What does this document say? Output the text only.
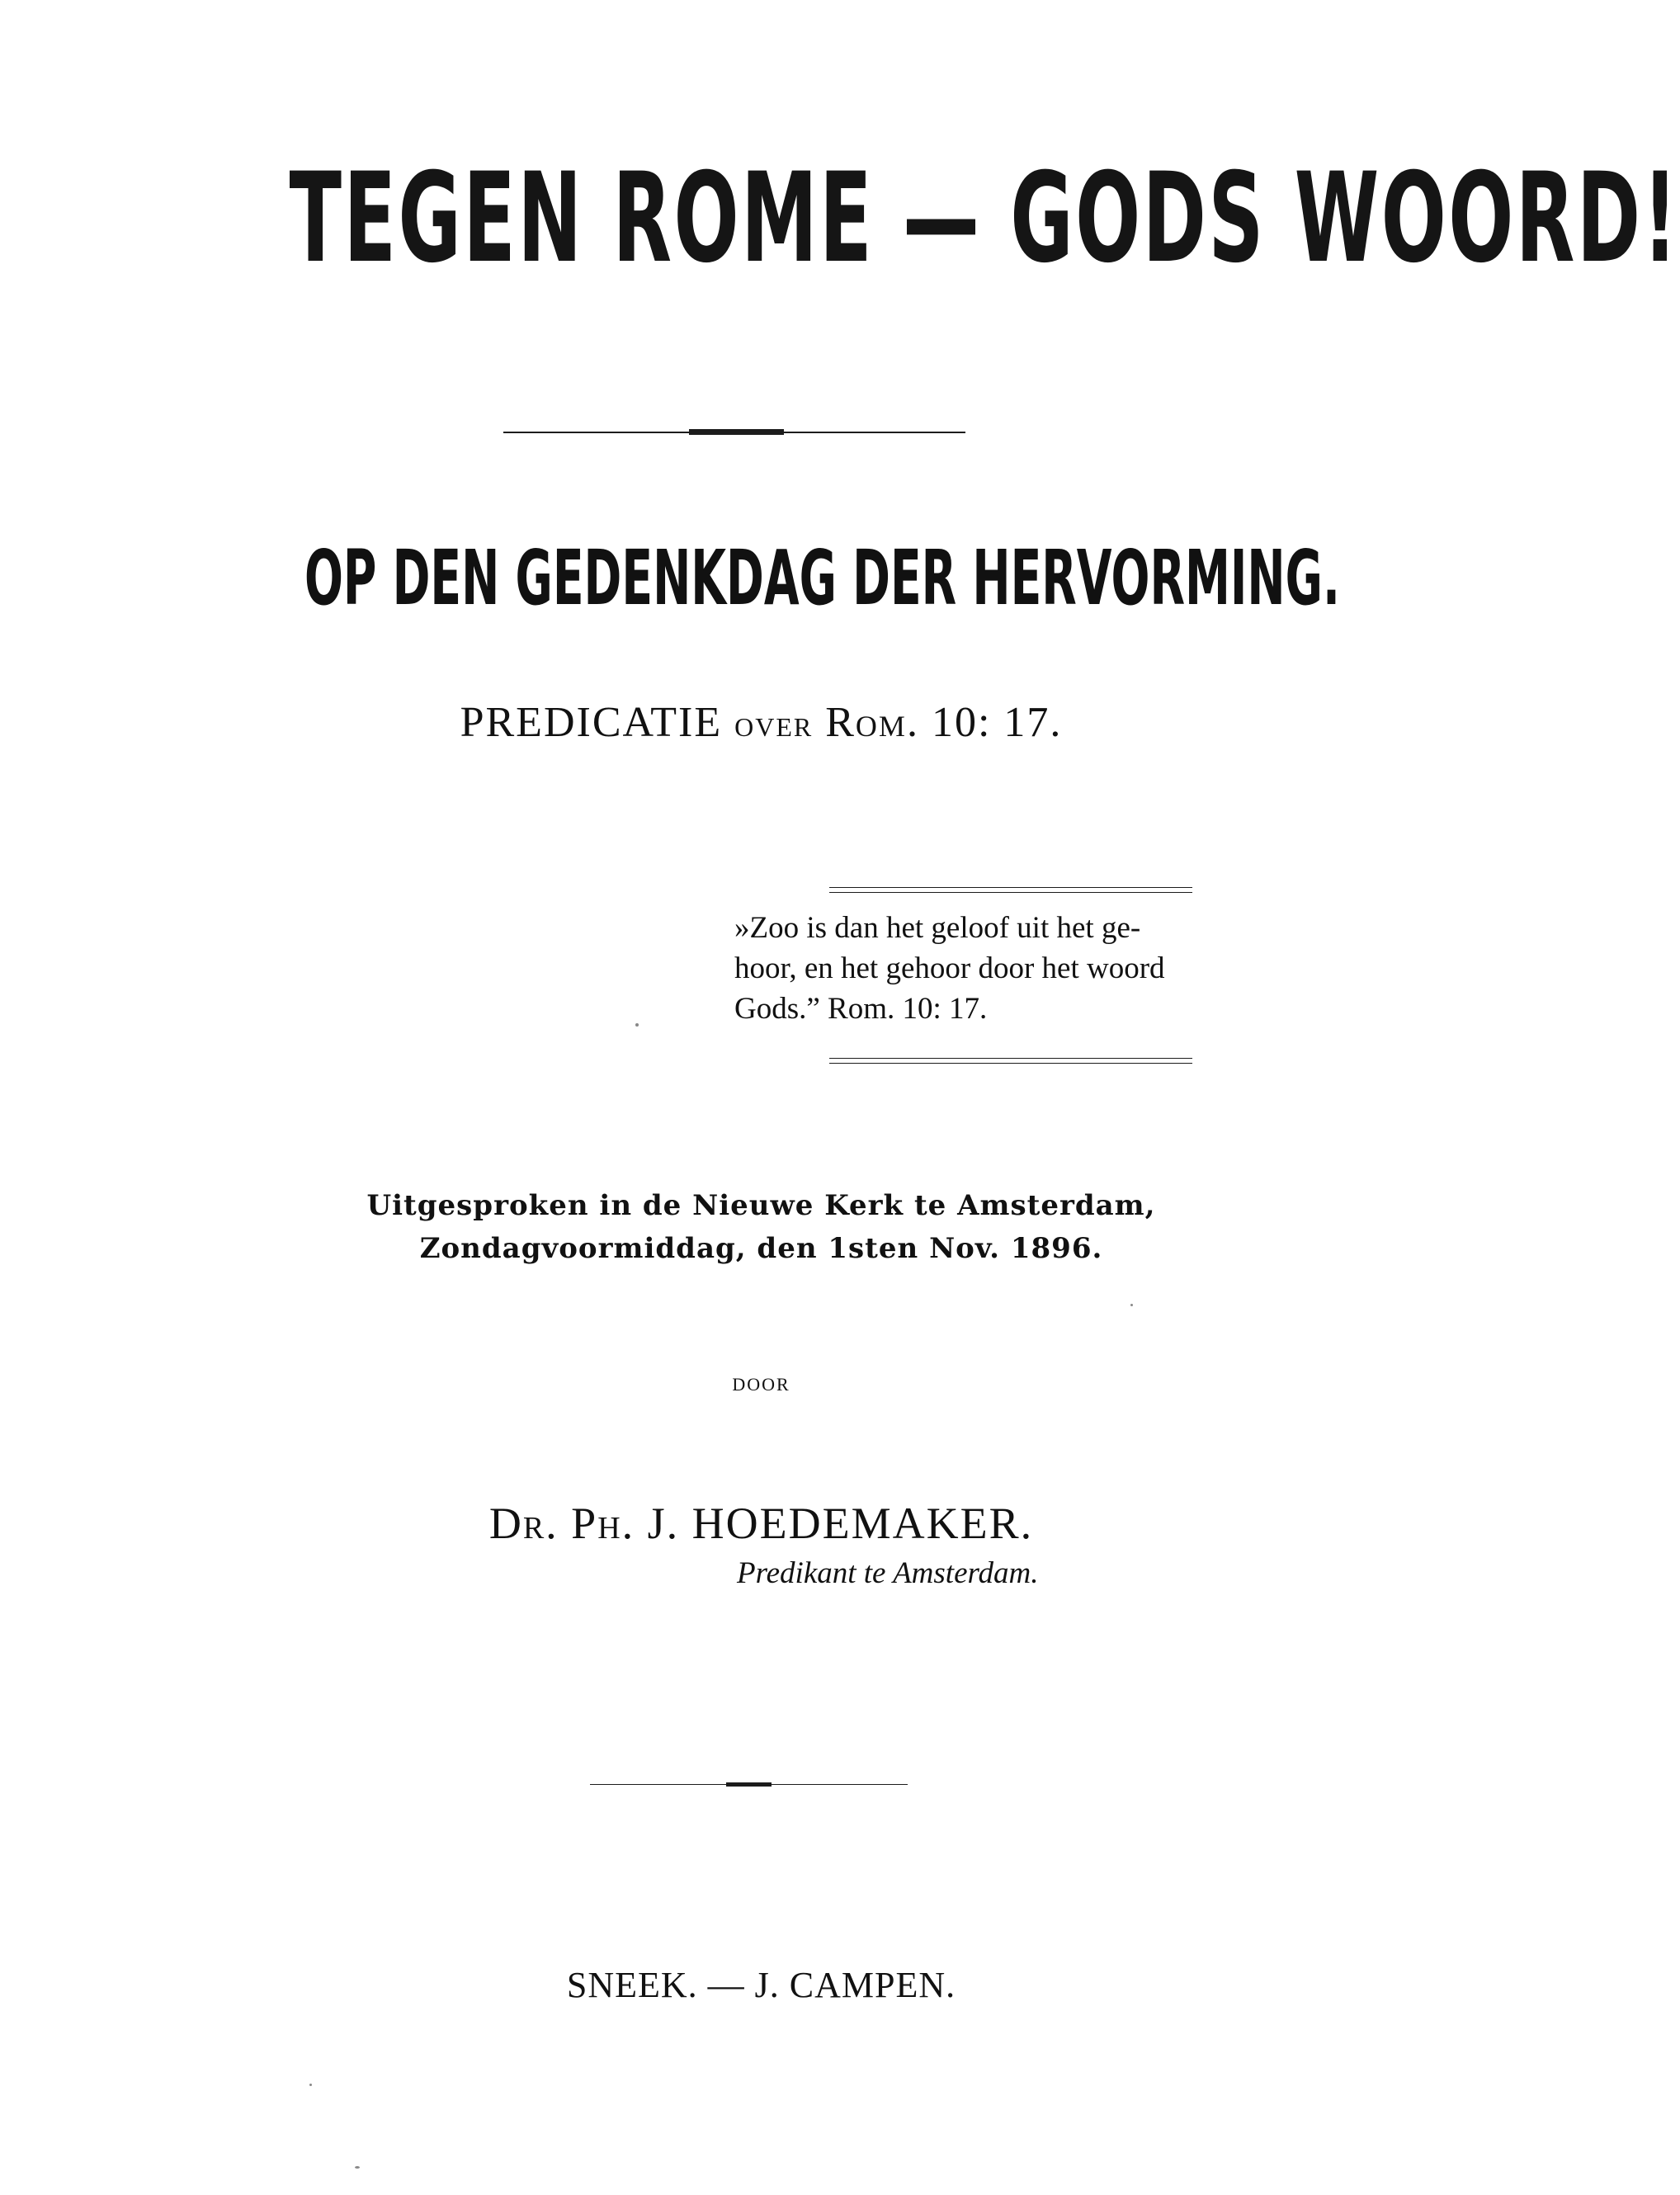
TEGEN ROME — GODS WOORD!
OP DEN GEDENKDAG DER HERVORMING.
PREDICATIE over Rom. 10: 17.
»Zoo is dan het geloof uit het ge-
hoor, en het gehoor door het woord
Gods.” Rom. 10: 17.
Uitgesproken in de Nieuwe Kerk te Amsterdam,
Zondagvoormiddag, den 1sten Nov. 1896.
DOOR
Dr. Ph. J. HOEDEMAKER.
Predikant te Amsterdam.
SNEEK. — J. CAMPEN.
